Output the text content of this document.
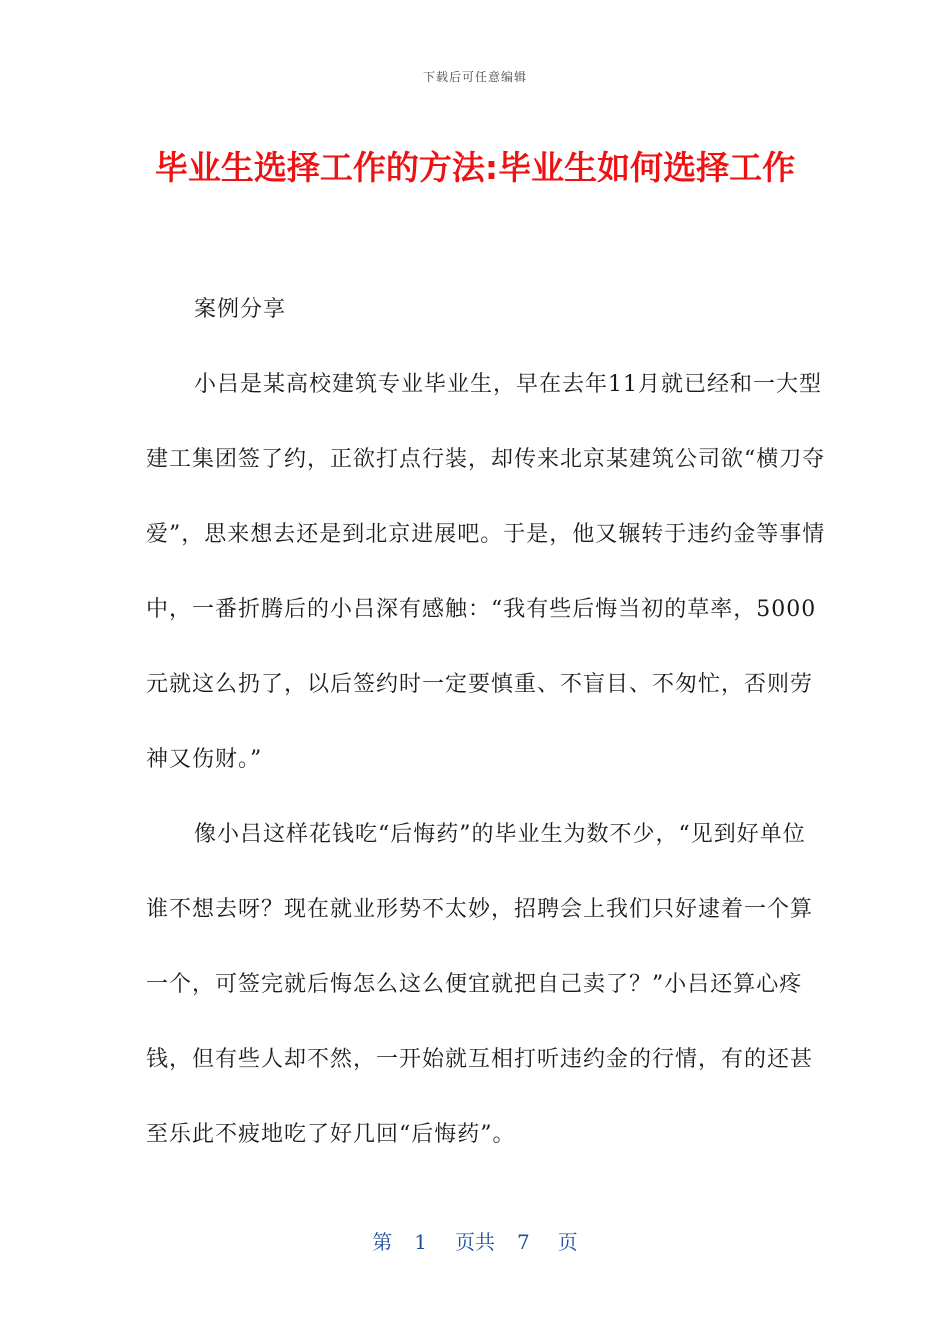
下载后可任意编辑
毕业生选择工作的方法:毕业生如何选择工作

案例分享

小吕是某高校建筑专业毕业生，早在去年11月就已经和一大型建工集团签了约，正欲打点行装，却传来北京某建筑公司欲“横刀夺爱”，思来想去还是到北京进展吧。于是，他又辗转于违约金等事情中，一番折腾后的小吕深有感触：“我有些后悔当初的草率，5000元就这么扔了，以后签约时一定要慎重、不盲目、不匆忙，否则劳神又伤财。”

像小吕这样花钱吃“后悔药”的毕业生为数不少，“见到好单位谁不想去呀？现在就业形势不太妙，招聘会上我们只好逮着一个算一个，可签完就后悔怎么这么便宜就把自己卖了？”小吕还算心疼钱，但有些人却不然，一开始就互相打听违约金的行情，有的还甚至乐此不疲地吃了好几回“后悔药”。

第 1 页共 7 页
